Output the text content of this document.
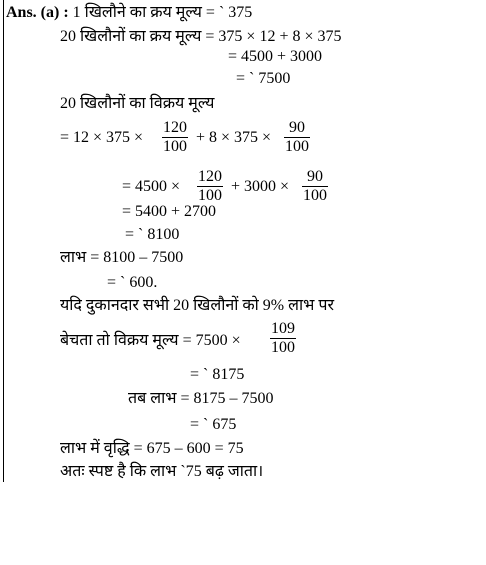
Ans. (a) : 1 खिलौने का क्रय मूल्य = ` 375
20 खिलौनों का क्रय मूल्य = 375 × 12 + 8 × 375
= 4500 + 3000
= ` 7500
20 खिलौनों का विक्रय मूल्य
= 12 × 375 ×
120
100
+ 8 × 375 ×
90
100
= 4500 ×
120
100
+ 3000 ×
90
100
= 5400 + 2700
= ` 8100
लाभ = 8100 – 7500
= ` 600.
यदि दुकानदार सभी 20 खिलौनों को 9% लाभ पर
बेचता तो विक्रय मूल्य = 7500 ×
109
100
= ` 8175
तब लाभ = 8175 – 7500
= ` 675
लाभ में वृद्धि = 675 – 600 = 75
अतः स्पष्ट है कि लाभ `75 बढ़ जाता।
